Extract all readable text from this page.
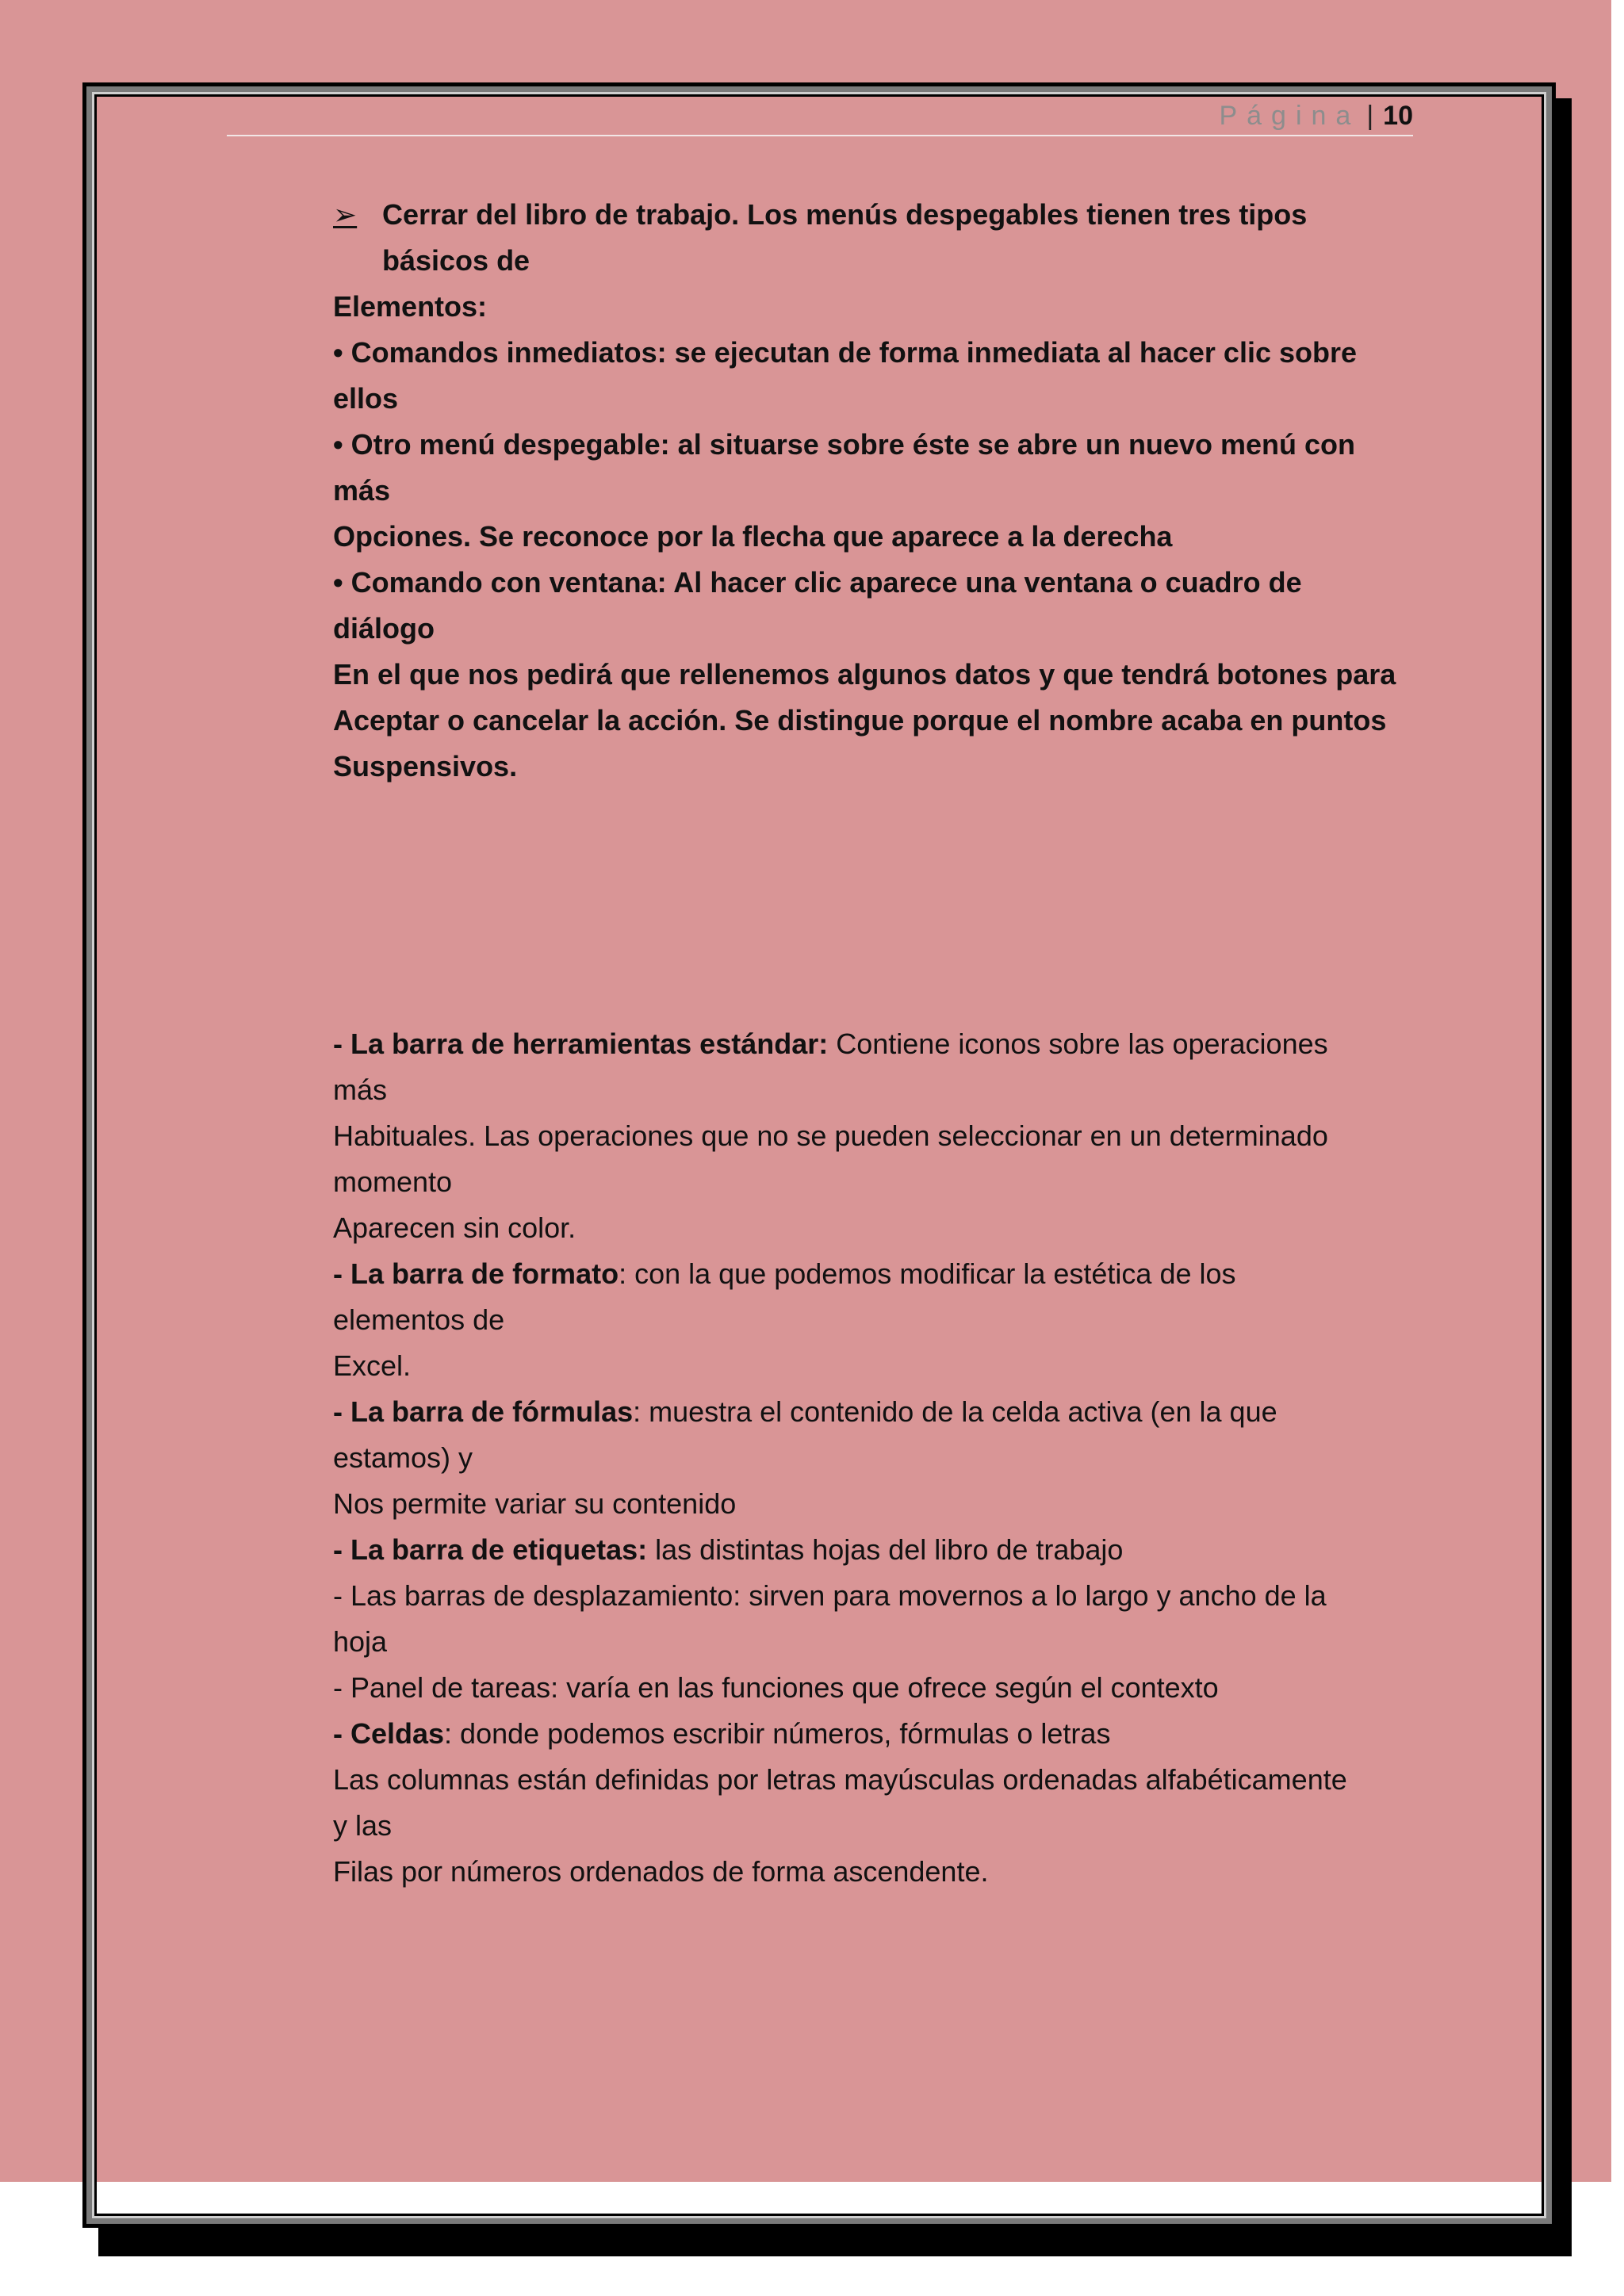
Página | 10
➢ Cerrar del libro de trabajo. Los menús despegables tienen tres tipos
básicos de
Elementos:
• Comandos inmediatos: se ejecutan de forma inmediata al hacer clic sobre
ellos
• Otro menú despegable: al situarse sobre éste se abre un nuevo menú con
más
Opciones. Se reconoce por la flecha que aparece a la derecha
• Comando con ventana: Al hacer clic aparece una ventana o cuadro de
diálogo
En el que nos pedirá que rellenemos algunos datos y que tendrá botones para
Aceptar o cancelar la acción. Se distingue porque el nombre acaba en puntos
Suspensivos.
- La barra de herramientas estándar: Contiene iconos sobre las operaciones
más
Habituales. Las operaciones que no se pueden seleccionar en un determinado
momento
Aparecen sin color.
- La barra de formato: con la que podemos modificar la estética de los
elementos de
Excel.
- La barra de fórmulas: muestra el contenido de la celda activa (en la que
estamos) y
Nos permite variar su contenido
- La barra de etiquetas: las distintas hojas del libro de trabajo
- Las barras de desplazamiento: sirven para movernos a lo largo y ancho de la
hoja
- Panel de tareas: varía en las funciones que ofrece según el contexto
- Celdas: donde podemos escribir números, fórmulas o letras
Las columnas están definidas por letras mayúsculas ordenadas alfabéticamente
y las
Filas por números ordenados de forma ascendente.
